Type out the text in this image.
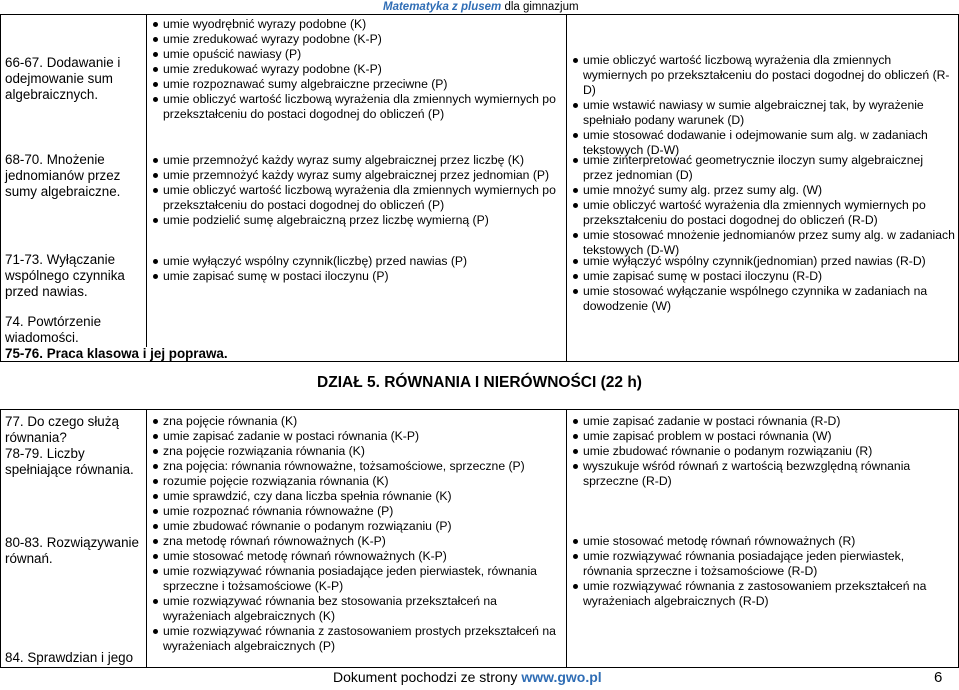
Matematyka z plusem dla gimnazjum
66-67. Dodawanie i odejmowanie sum algebraicznych.
umie wyodrębnić wyrazy podobne (K)
umie zredukować wyrazy podobne (K-P)
umie opuścić nawiasy (P)
umie zredukować wyrazy podobne (K-P)
umie rozpoznawać sumy algebraiczne przeciwne (P)
umie obliczyć wartość liczbową wyrażenia dla zmiennych wymiernych po przekształceniu do postaci dogodnej do obliczeń (P)
umie obliczyć wartość liczbową wyrażenia dla zmiennych wymiernych po przekształceniu do postaci dogodnej do obliczeń (R-D)
umie wstawić nawiasy w sumie algebraicznej tak, by wyrażenie spełniało podany warunek (D)
umie stosować dodawanie i odejmowanie sum alg. w zadaniach tekstowych (D-W)
68-70. Mnożenie jednomianów przez sumy algebraiczne.
umie przemnożyć każdy wyraz sumy algebraicznej przez liczbę (K)
umie przemnożyć każdy wyraz sumy algebraicznej przez jednomian (P)
umie obliczyć wartość liczbową wyrażenia dla zmiennych wymiernych po przekształceniu do postaci dogodnej do obliczeń (P)
umie podzielić sumę algebraiczną przez liczbę wymierną (P)
umie zinterpretować geometrycznie iloczyn sumy algebraicznej przez jednomian (D)
umie mnożyć sumy alg. przez sumy alg. (W)
umie obliczyć wartość wyrażenia dla zmiennych wymiernych po przekształceniu do postaci dogodnej do obliczeń (R-D)
umie stosować mnożenie jednomianów przez sumy alg. w zadaniach tekstowych (D-W)
71-73. Wyłączanie wspólnego czynnika przed nawias.
umie wyłączyć wspólny czynnik(liczbę) przed nawias (P)
umie zapisać sumę w postaci iloczynu (P)
umie wyłączyć wspólny czynnik(jednomian) przed nawias (R-D)
umie zapisać sumę w postaci iloczynu (R-D)
umie stosować wyłączanie wspólnego czynnika w zadaniach na dowodzenie (W)
74. Powtórzenie wiadomości.
75-76. Praca klasowa i jej poprawa.
DZIAŁ 5. RÓWNANIA I NIERÓWNOŚCI (22 h)
77. Do czego służą równania?
zna pojęcie równania (K)
umie zapisać zadanie w postaci równania (K-P)
umie zapisać zadanie w postaci równania (R-D)
umie zapisać problem w postaci równania (W)
78-79. Liczby spełniające równania.
zna pojęcie rozwiązania równania (K)
zna pojęcia: równania równoważne, tożsamościowe, sprzeczne (P)
rozumie pojęcie rozwiązania równania (K)
umie sprawdzić, czy dana liczba spełnia równanie (K)
umie rozpoznać równania równoważne (P)
umie zbudować równanie o podanym rozwiązaniu (P)
umie zbudować równanie o podanym rozwiązaniu (R)
wyszukuje wśród równań z wartością bezwzględną równania sprzeczne (R-D)
80-83. Rozwiązywanie równań.
zna metodę równań równoważnych (K-P)
umie stosować metodę równań równoważnych (K-P)
umie rozwiązywać równania posiadające jeden pierwiastek, równania sprzeczne i tożsamościowe (K-P)
umie rozwiązywać równania bez stosowania przekształceń na wyrażeniach algebraicznych (K)
umie rozwiązywać równania z zastosowaniem prostych przekształceń na wyrażeniach algebraicznych (P)
umie stosować metodę równań równoważnych (R)
umie rozwiązywać równania posiadające jeden pierwiastek, równania sprzeczne i tożsamościowe (R-D)
umie rozwiązywać równania z zastosowaniem przekształceń na wyrażeniach algebraicznych (R-D)
84. Sprawdzian i jego
Dokument pochodzi ze strony www.gwo.pl	6
